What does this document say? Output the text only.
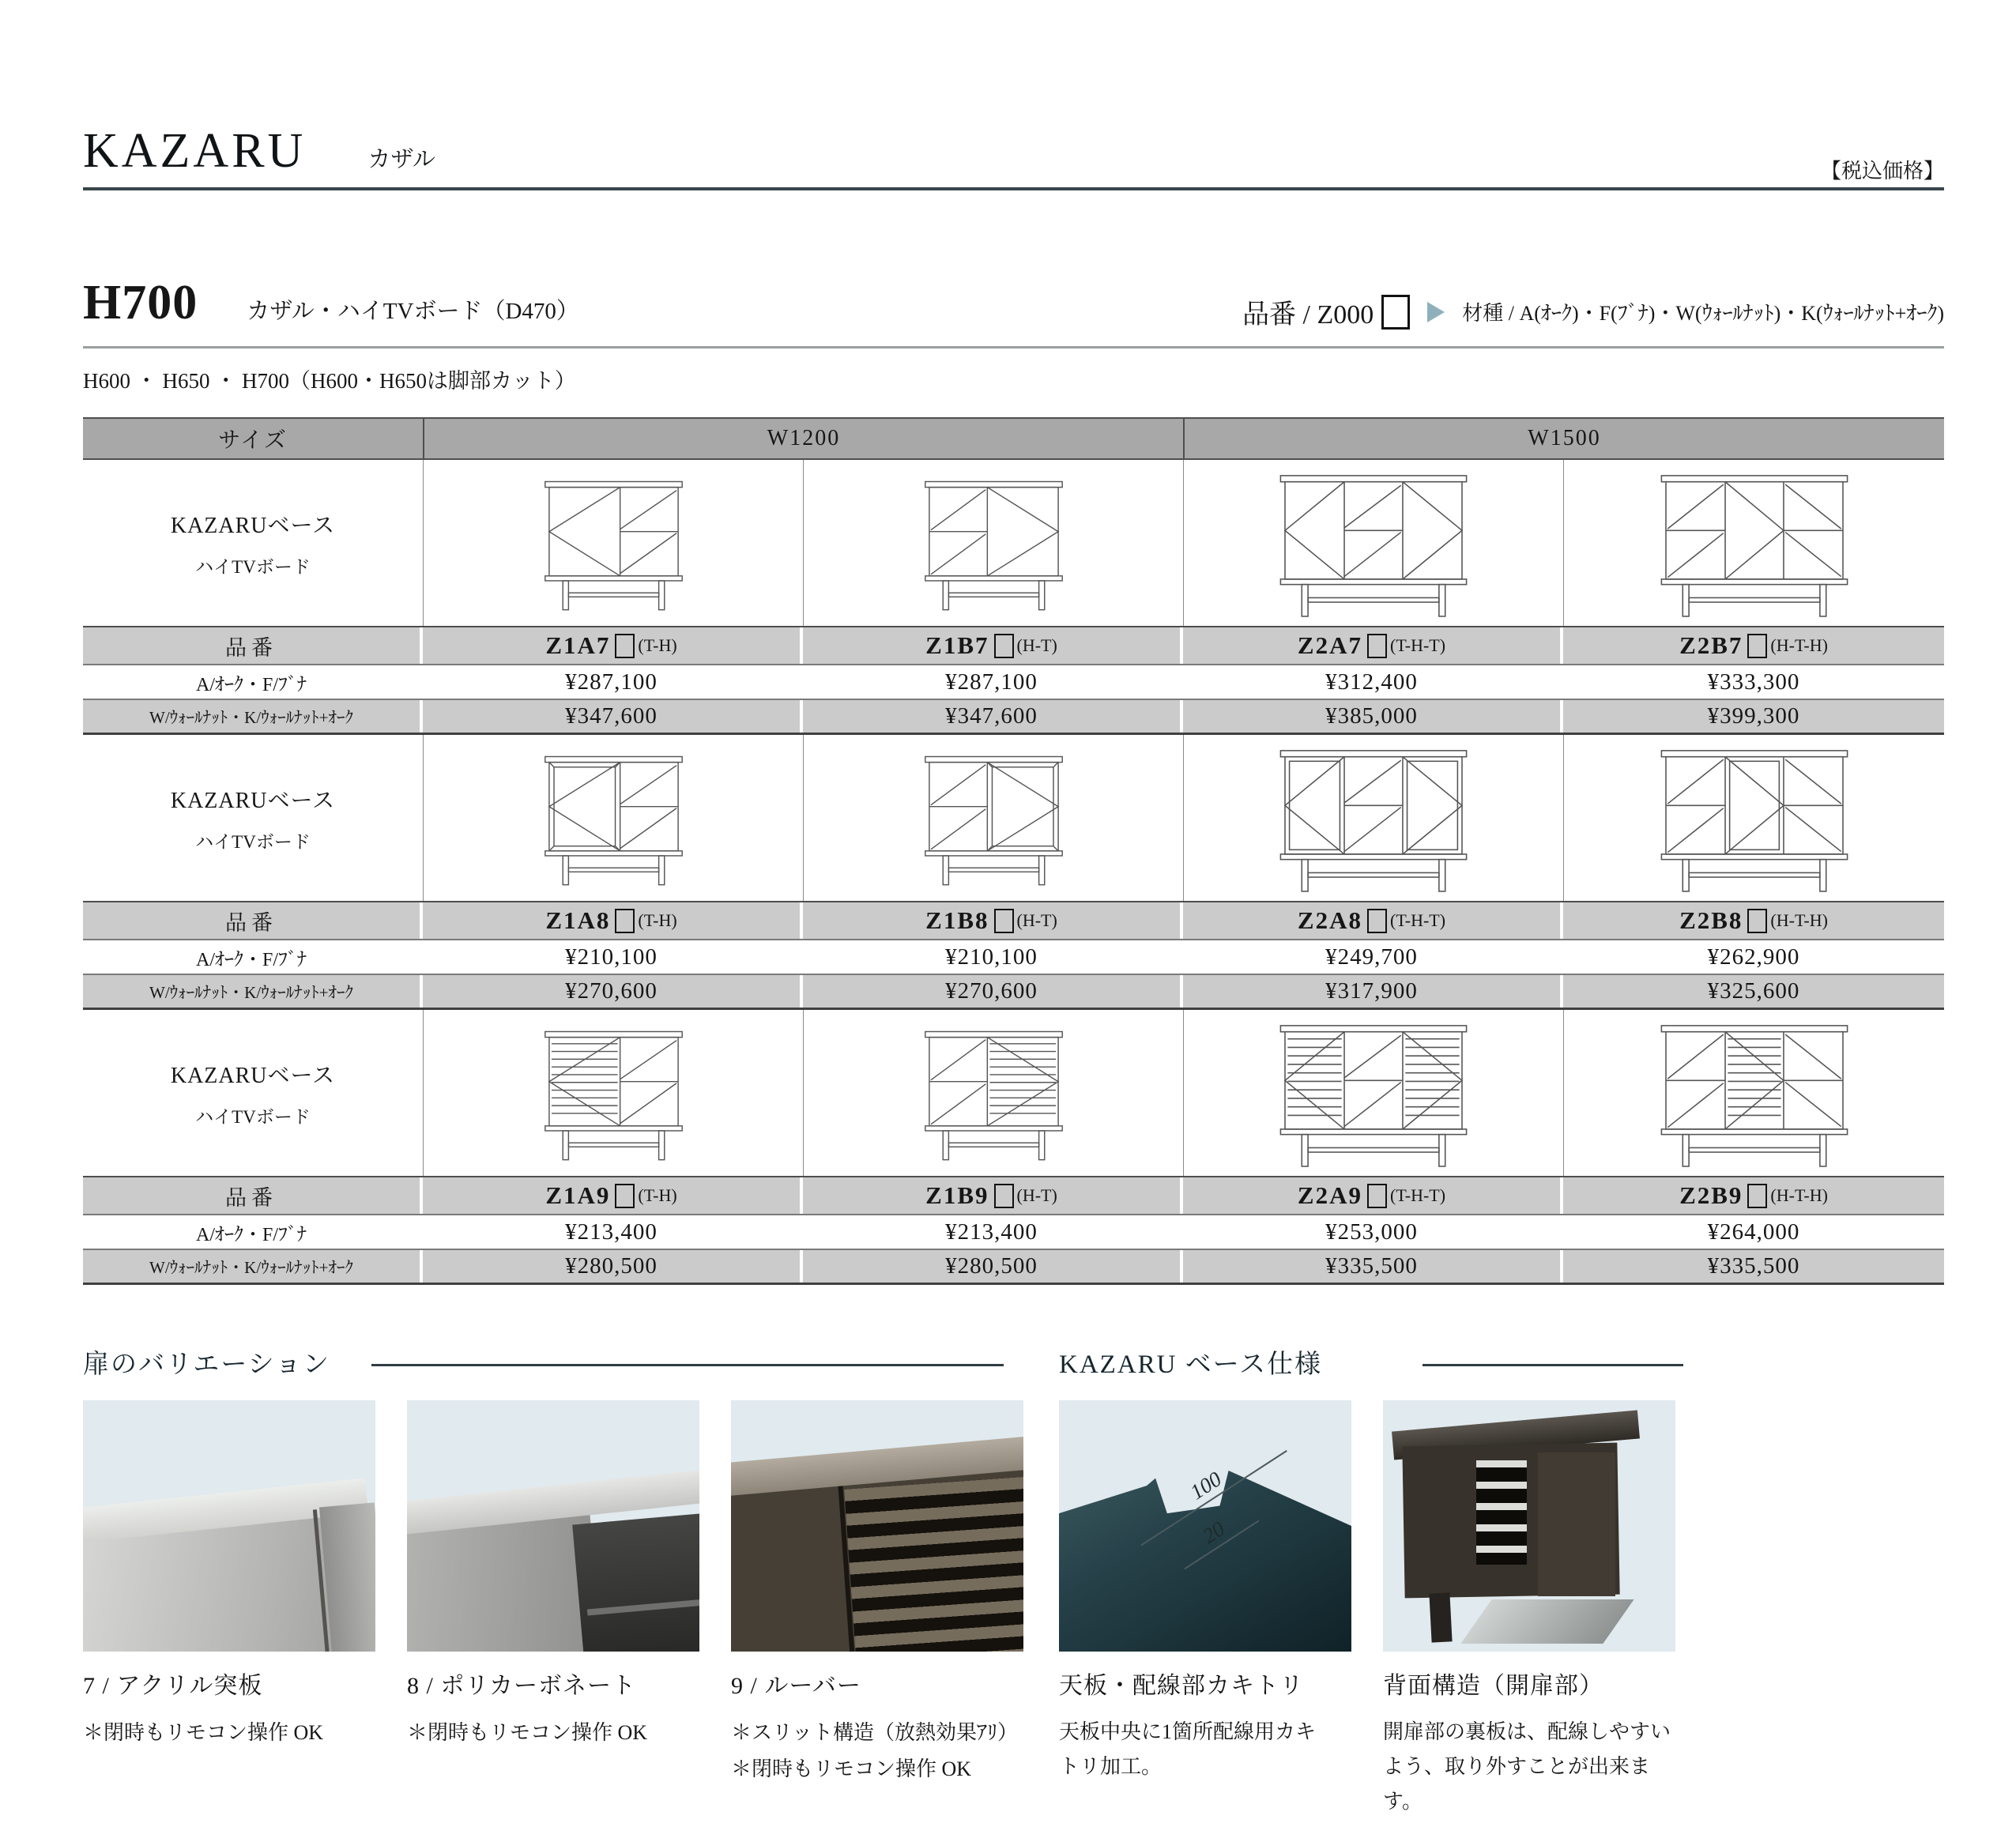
KAZARU	カザル	【税込価格】
H700 カザル・ハイTVボード（D470）	品番 / Z000	材種 / A(ｵｰｸ)・F(ﾌﾞﾅ)・W(ｳｫｰﾙﾅｯﾄ)・K(ｳｫｰﾙﾅｯﾄ+ｵｰｸ)
H600 ・ H650 ・ H700（H600・H650は脚部カット）
サイズ	W1200	W1500
KAZARUベース
ハイTVボード
品番	Z1A7 (T-H)	Z1B7 (H-T)	Z2A7 (T-H-T)	Z2B7 (H-T-H)
A/ｵｰｸ・F/ﾌﾞﾅ	¥287,100	¥287,100	¥312,400	¥333,300
W/ｳｫｰﾙﾅｯﾄ・K/ｳｫｰﾙﾅｯﾄ+ｵｰｸ	¥347,600	¥347,600	¥385,000	¥399,300
KAZARUベース
ハイTVボード
品番	Z1A8 (T-H)	Z1B8 (H-T)	Z2A8 (T-H-T)	Z2B8 (H-T-H)
A/ｵｰｸ・F/ﾌﾞﾅ	¥210,100	¥210,100	¥249,700	¥262,900
W/ｳｫｰﾙﾅｯﾄ・K/ｳｫｰﾙﾅｯﾄ+ｵｰｸ	¥270,600	¥270,600	¥317,900	¥325,600
KAZARUベース
ハイTVボード
品番	Z1A9 (T-H)	Z1B9 (H-T)	Z2A9 (T-H-T)	Z2B9 (H-T-H)
A/ｵｰｸ・F/ﾌﾞﾅ	¥213,400	¥213,400	¥253,000	¥264,000
W/ｳｫｰﾙﾅｯﾄ・K/ｳｫｰﾙﾅｯﾄ+ｵｰｸ	¥280,500	¥280,500	¥335,500	¥335,500
扉のバリエーション	KAZARU ベース仕様
100
20
7 / アクリル突板
＊閉時もリモコン操作 OK
8 / ポリカーボネート
＊閉時もリモコン操作 OK
9 / ルーバー
＊スリット構造（放熱効果ｱﾘ）
＊閉時もリモコン操作 OK
天板・配線部カキトリ
天板中央に1箇所配線用カキトリ加工。
背面構造（開扉部）
開扉部の裏板は、配線しやすいよう、取り外すことが出来ます。
